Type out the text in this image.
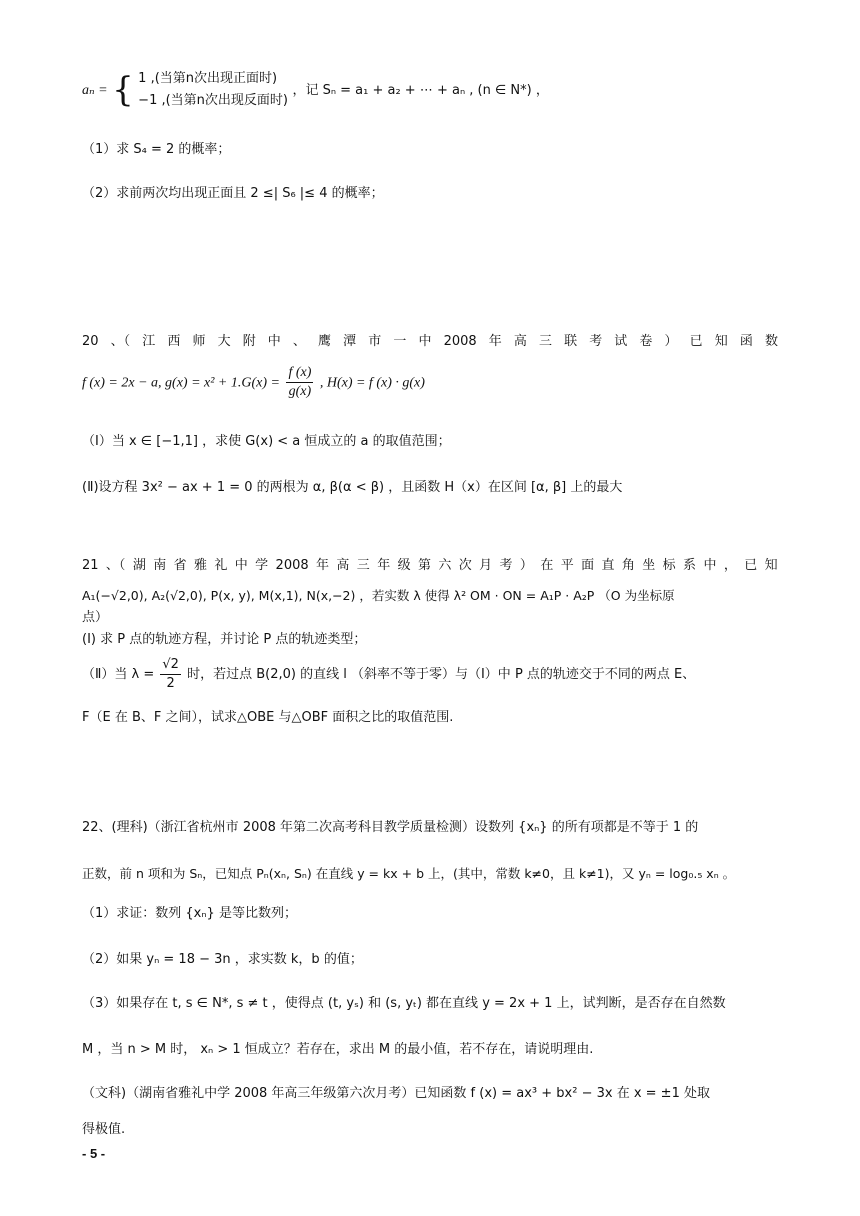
aₙ = { 1 ,(当第n次出现正面时)
−1 ,(当第n次出现反面时)
，记 Sₙ = a₁ + a₂ + ⋯ + aₙ , (n ∈ N*) ，
（1）求 S₄ = 2 的概率；
（2）求前两次均出现正面且 2 ≤| S₆ |≤ 4 的概率；
20 、（ 江 西 师 大 附 中 、 鹰 潭 市 一 中 2008 年 高 三 联 考 试 卷 ） 已 知 函 数
f (x) = 2x − a, $g(x) = x^2 + 1.G(x) = \frac{f (x)}{g(x)}$ , H(x) = f (x) · g(x)
（Ⅰ）当 x ∈ [−1,1] ，求使 G(x) < a 恒成立的 a 的取值范围；
(Ⅱ)设方程 3x² − ax + 1 = 0 的两根为 α, β(α < β) ，且函数 H（x）在区间 [α, β] 上的最大
21 、（ 湖 南 省 雅 礼 中 学 2008 年 高 三 年 级 第 六 次 月 考 ） 在 平 面 直 角 坐 标 系 中 ， 已 知
A₁(−√2,0), A₂(√2,0), P(x, y), M(x,1), N(x,−2) ，若实数 λ 使得 λ² OM · ON = A₁P · A₂P （O 为坐标原
点）
(Ⅰ) 求 P 点的轨迹方程，并讨论 P 点的轨迹类型；
（Ⅱ）当 $\lambda = \frac{√2}{2}$ 时，若过点 B(2,0) 的直线 l （斜率不等于零）与（Ⅰ）中 P 点的轨迹交于不同的两点 E、
F（E 在 B、F 之间），试求△OBE 与△OBF 面积之比的取值范围.
22、(理科)（浙江省杭州市 2008 年第二次高考科目教学质量检测）设数列 {xₙ} 的所有项都是不等于 1 的
正数，前 n 项和为 Sₙ，已知点 Pₙ(xₙ, Sₙ) 在直线 y = kx + b 上，(其中，常数 k≠0，且 k≠1)，又 yₙ = log₀.₅ xₙ 。
（1）求证：数列 {xₙ} 是等比数列；
（2）如果 yₙ = 18 − 3n ，求实数 k，b 的值；
（3）如果存在 t, s ∈ N*, s ≠ t ，使得点 (t, yₛ) 和 (s, yₜ) 都在直线 y = 2x + 1 上，试判断，是否存在自然数
M ，当 n > M 时， xₙ > 1 恒成立？若存在，求出 M 的最小值，若不存在，请说明理由.
（文科)（湖南省雅礼中学 2008 年高三年级第六次月考）已知函数 f (x) = ax³ + bx² − 3x 在 x = ±1 处取
得极值.
- 5 -
